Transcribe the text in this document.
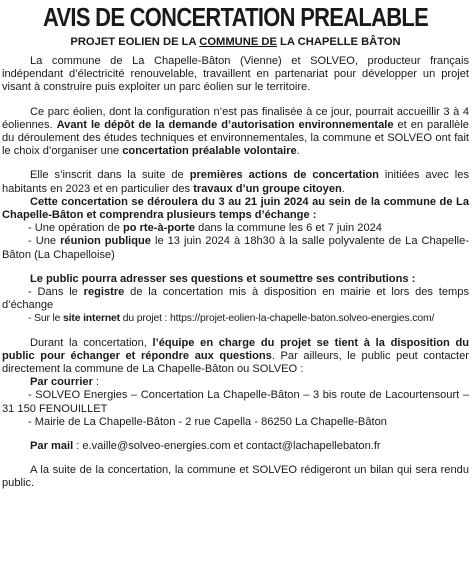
AVIS DE CONCERTATION PREALABLE
PROJET EOLIEN DE LA COMMUNE DE LA CHAPELLE BÂTON

La commune de La Chapelle-Bâton (Vienne) et SOLVEO, producteur français indépendant d’électricité renouvelable, travaillent en partenariat pour développer un projet visant à construire puis exploiter un parc éolien sur le territoire.

Ce parc éolien, dont la configuration n’est pas finalisée à ce jour, pourrait accueillir 3 à 4 éoliennes. Avant le dépôt de la demande d’autorisation environnementale et en parallèle du déroulement des études techniques et environnementales, la commune et SOLVEO ont fait le choix d’organiser une concertation préalable volontaire.

Elle s’inscrit dans la suite de premières actions de concertation initiées avec les habitants en 2023 et en particulier des travaux d’un groupe citoyen.

Cette concertation se déroulera du 3 au 21 juin 2024 au sein de la commune de La Chapelle-Bâton et comprendra plusieurs temps d’échange :

- Une opération de po rte-à-porte dans la commune les 6 et 7 juin 2024

- Une réunion publique le 13 juin 2024 à 18h30 à la salle polyvalente de La Chapelle-Bâton (La Chapelloise)

Le public pourra adresser ses questions et soumettre ses contributions :

- Dans le registre de la concertation mis à disposition en mairie et lors des temps d’échange

- Sur le site internet du projet : https://projet-eolien-la-chapelle-baton.solveo-energies.com/

Durant la concertation, l’équipe en charge du projet se tient à la disposition du public pour échanger et répondre aux questions. Par ailleurs, le public peut contacter directement la commune de La Chapelle-Bâton ou SOLVEO :

Par courrier :

- SOLVEO Energies – Concertation La Chapelle-Bâton – 3 bis route de Lacourtensourt – 31 150 FENOUILLET

- Mairie de La Chapelle-Bâton - 2 rue Capella - 86250 La Chapelle-Bâton

Par mail : e.vaille@solveo-energies.com et contact@lachapellebaton.fr

A la suite de la concertation, la commune et SOLVEO rédigeront un bilan qui sera rendu public.
